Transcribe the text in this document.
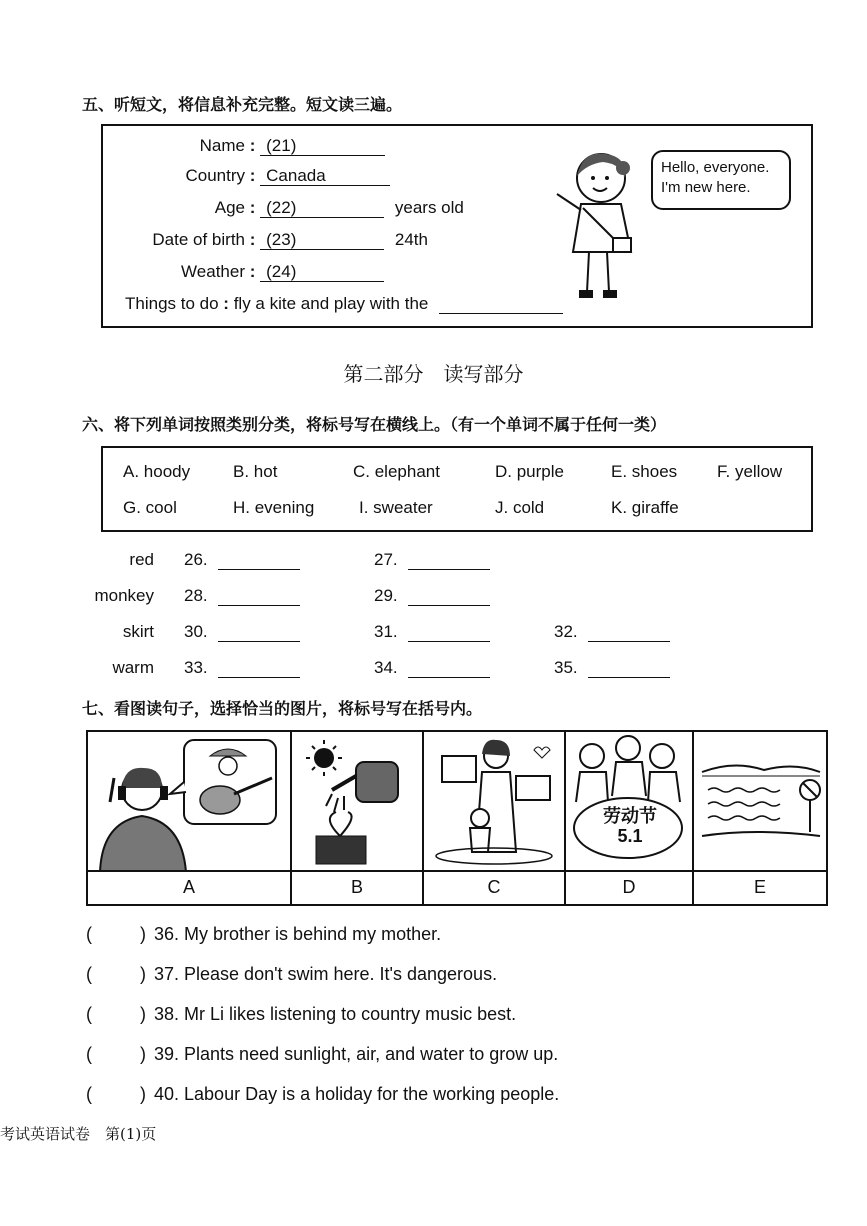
五、听短文，将信息补充完整。短文读三遍。
Name : (21)
Country : Canada
Age : (22)	years old
Date of birth : (23)	24th
Weather : (24)
Things to do : fly a kite and play with the
Hello, everyone. I'm new here.
第二部分　读写部分
六、将下列单词按照类别分类，将标号写在横线上。（有一个单词不属于任何一类）
A. hoody	B. hot	C. elephant	D. purple	E. shoes F. yellow
G. cool	H. evening	I. sweater	J. cold	K. giraffe
red 26.	27.
monkey 28.	29.
skirt 30.	31.	32.
warm 33.	34.	35.
七、看图读句子，选择恰当的图片，将标号写在括号内。
A	B	C
劳动节
5.1
D	E
(	) 36. My brother is behind my mother.
(	) 37. Please don't swim here. It's dangerous.
(	) 38. Mr Li likes listening to country music best.
(	) 39. Plants need sunlight, air, and water to grow up.
(	) 40. Labour Day is a holiday for the working people.
考试英语试卷　第(1)页
